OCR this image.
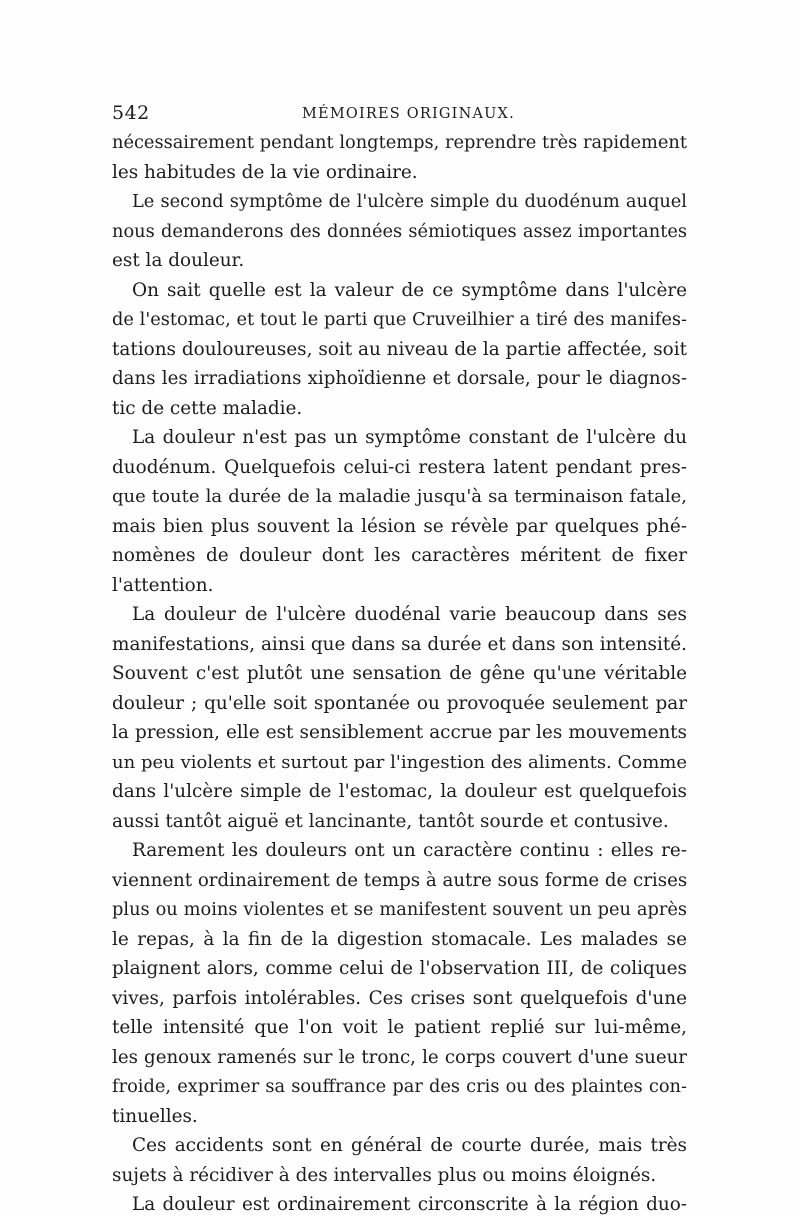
542	MÉMOIRES ORIGINAUX.
nécessairement pendant longtemps, reprendre très rapidement
les habitudes de la vie ordinaire.
Le second symptôme de l'ulcère simple du duodénum auquel
nous demanderons des données sémiotiques assez importantes
est la douleur.
On sait quelle est la valeur de ce symptôme dans l'ulcère
de l'estomac, et tout le parti que Cruveilhier a tiré des manifes-
tations douloureuses, soit au niveau de la partie affectée, soit
dans les irradiations xiphoïdienne et dorsale, pour le diagnos-
tic de cette maladie.
La douleur n'est pas un symptôme constant de l'ulcère du
duodénum. Quelquefois celui-ci restera latent pendant pres-
que toute la durée de la maladie jusqu'à sa terminaison fatale,
mais bien plus souvent la lésion se révèle par quelques phé-
nomènes de douleur dont les caractères méritent de fixer
l'attention.
La douleur de l'ulcère duodénal varie beaucoup dans ses
manifestations, ainsi que dans sa durée et dans son intensité.
Souvent c'est plutôt une sensation de gêne qu'une véritable
douleur ; qu'elle soit spontanée ou provoquée seulement par
la pression, elle est sensiblement accrue par les mouvements
un peu violents et surtout par l'ingestion des aliments. Comme
dans l'ulcère simple de l'estomac, la douleur est quelquefois
aussi tantôt aiguë et lancinante, tantôt sourde et contusive.
Rarement les douleurs ont un caractère continu : elles re-
viennent ordinairement de temps à autre sous forme de crises
plus ou moins violentes et se manifestent souvent un peu après
le repas, à la fin de la digestion stomacale. Les malades se
plaignent alors, comme celui de l'observation III, de coliques
vives, parfois intolérables. Ces crises sont quelquefois d'une
telle intensité que l'on voit le patient replié sur lui-même,
les genoux ramenés sur le tronc, le corps couvert d'une sueur
froide, exprimer sa souffrance par des cris ou des plaintes con-
tinuelles.
Ces accidents sont en général de courte durée, mais très
sujets à récidiver à des intervalles plus ou moins éloignés.
La douleur est ordinairement circonscrite à la région duo-
